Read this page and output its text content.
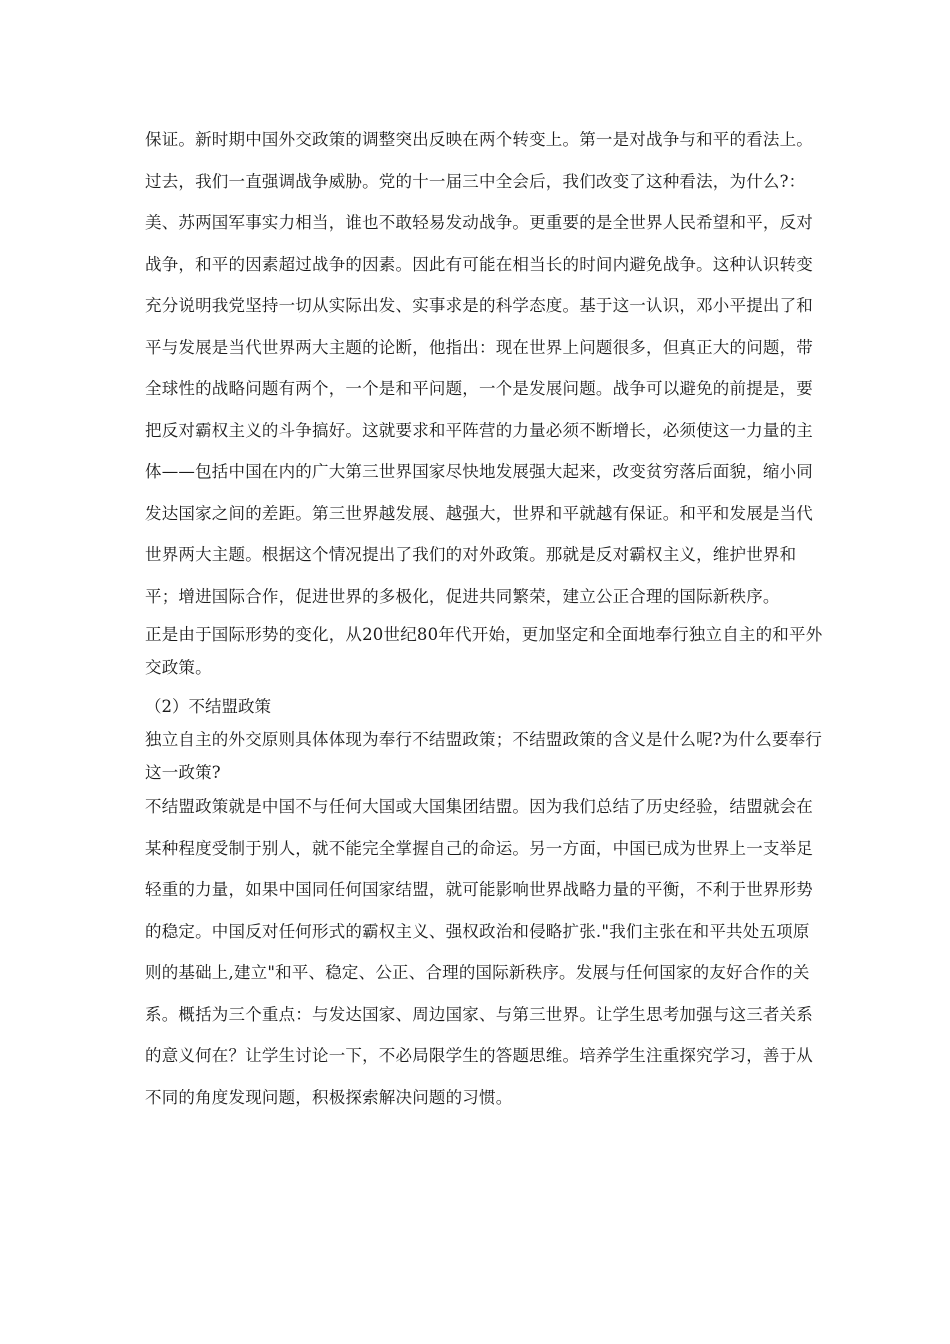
保证。新时期中国外交政策的调整突出反映在两个转变上。第一是对战争与和平的看法上。过去，我们一直强调战争威胁。党的十一届三中全会后，我们改变了这种看法，为什么?：美、苏两国军事实力相当，谁也不敢轻易发动战争。更重要的是全世界人民希望和平，反对战争，和平的因素超过战争的因素。因此有可能在相当长的时间内避免战争。这种认识转变充分说明我党坚持一切从实际出发、实事求是的科学态度。基于这一认识，邓小平提出了和平与发展是当代世界两大主题的论断，他指出：现在世界上问题很多，但真正大的问题，带全球性的战略问题有两个，一个是和平问题，一个是发展问题。战争可以避免的前提是，要把反对霸权主义的斗争搞好。这就要求和平阵营的力量必须不断增长，必须使这一力量的主体——包括中国在内的广大第三世界国家尽快地发展强大起来，改变贫穷落后面貌，缩小同发达国家之间的差距。第三世界越发展、越强大，世界和平就越有保证。和平和发展是当代世界两大主题。根据这个情况提出了我们的对外政策。那就是反对霸权主义，维护世界和平；增进国际合作，促进世界的多极化，促进共同繁荣，建立公正合理的国际新秩序。

正是由于国际形势的变化，从20世纪80年代开始，更加坚定和全面地奉行独立自主的和平外交政策。

（2）不结盟政策

独立自主的外交原则具体体现为奉行不结盟政策；不结盟政策的含义是什么呢?为什么要奉行这一政策?

不结盟政策就是中国不与任何大国或大国集团结盟。因为我们总结了历史经验，结盟就会在某种程度受制于别人，就不能完全掌握自己的命运。另一方面，中国已成为世界上一支举足轻重的力量，如果中国同任何国家结盟，就可能影响世界战略力量的平衡，不利于世界形势的稳定。中国反对任何形式的霸权主义、强权政治和侵略扩张."我们主张在和平共处五项原则的基础上,建立"和平、稳定、公正、合理的国际新秩序。发展与任何国家的友好合作的关系。概括为三个重点：与发达国家、周边国家、与第三世界。让学生思考加强与这三者关系的意义何在？让学生讨论一下，不必局限学生的答题思维。培养学生注重探究学习，善于从不同的角度发现问题，积极探索解决问题的习惯。
